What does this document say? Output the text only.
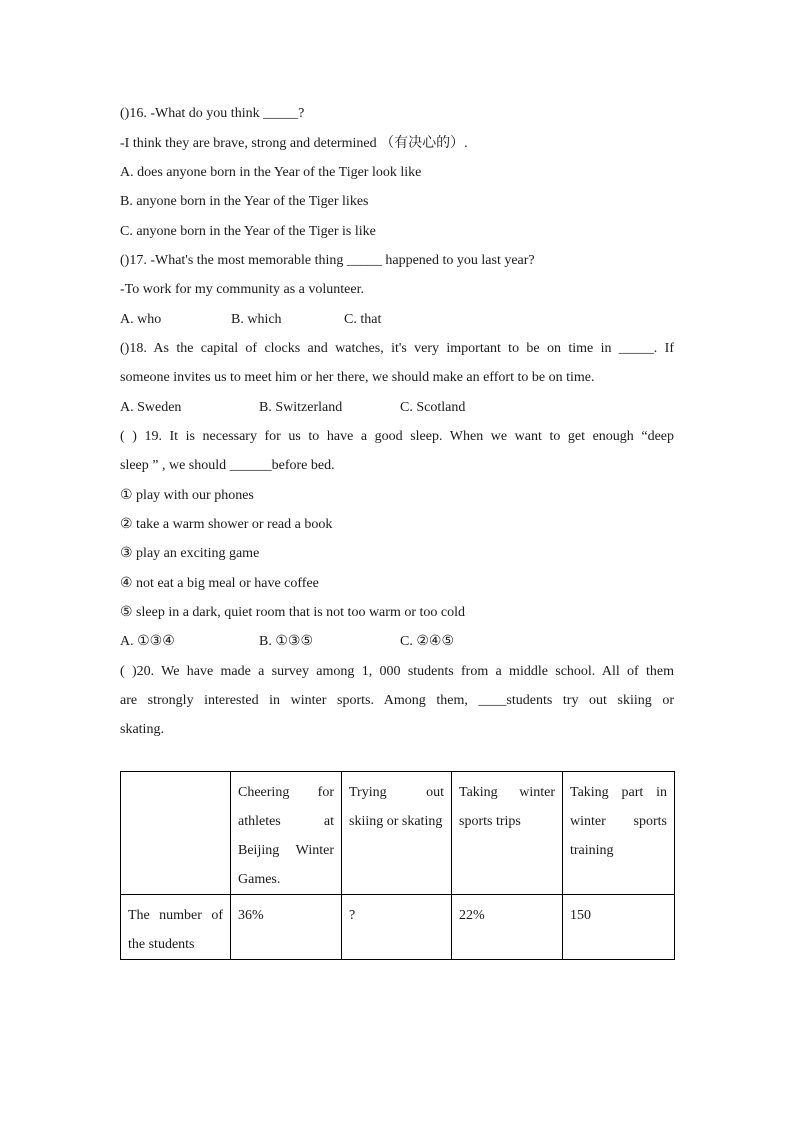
()16. -What do you think _____?
-I think they are brave, strong and determined （有决心的）.
A. does anyone born in the Year of the Tiger look like
B. anyone born in the Year of the Tiger likes
C. anyone born in the Year of the Tiger is like
()17. -What's the most memorable thing _____ happened to you last year?
-To work for my community as a volunteer.
A. who	B. which	C. that
()18. As the capital of clocks and watches, it's very important to be on time in _____. If
someone invites us to meet him or her there, we should make an effort to be on time.
A. Sweden	B. Switzerland	C. Scotland
( ) 19. It is necessary for us to have a good sleep. When we want to get enough “deep
sleep ” , we should ______before bed.
① play with our phones
② take a warm shower or read a book
③ play an exciting game
④ not eat a big meal or have coffee
⑤ sleep in a dark, quiet room that is not too warm or too cold
A. ①③④	B. ①③⑤	C. ②④⑤
( )20. We have made a survey among 1, 000 students from a middle school. All of them
are strongly interested in winter sports. Among them, ____students try out skiing or
skating.
	Cheering for athletes at Beijing Winter Games.	Trying out skiing or skating	Taking winter sports trips	Taking part in winter sports training
The number of the students	36%	?	22%	150
